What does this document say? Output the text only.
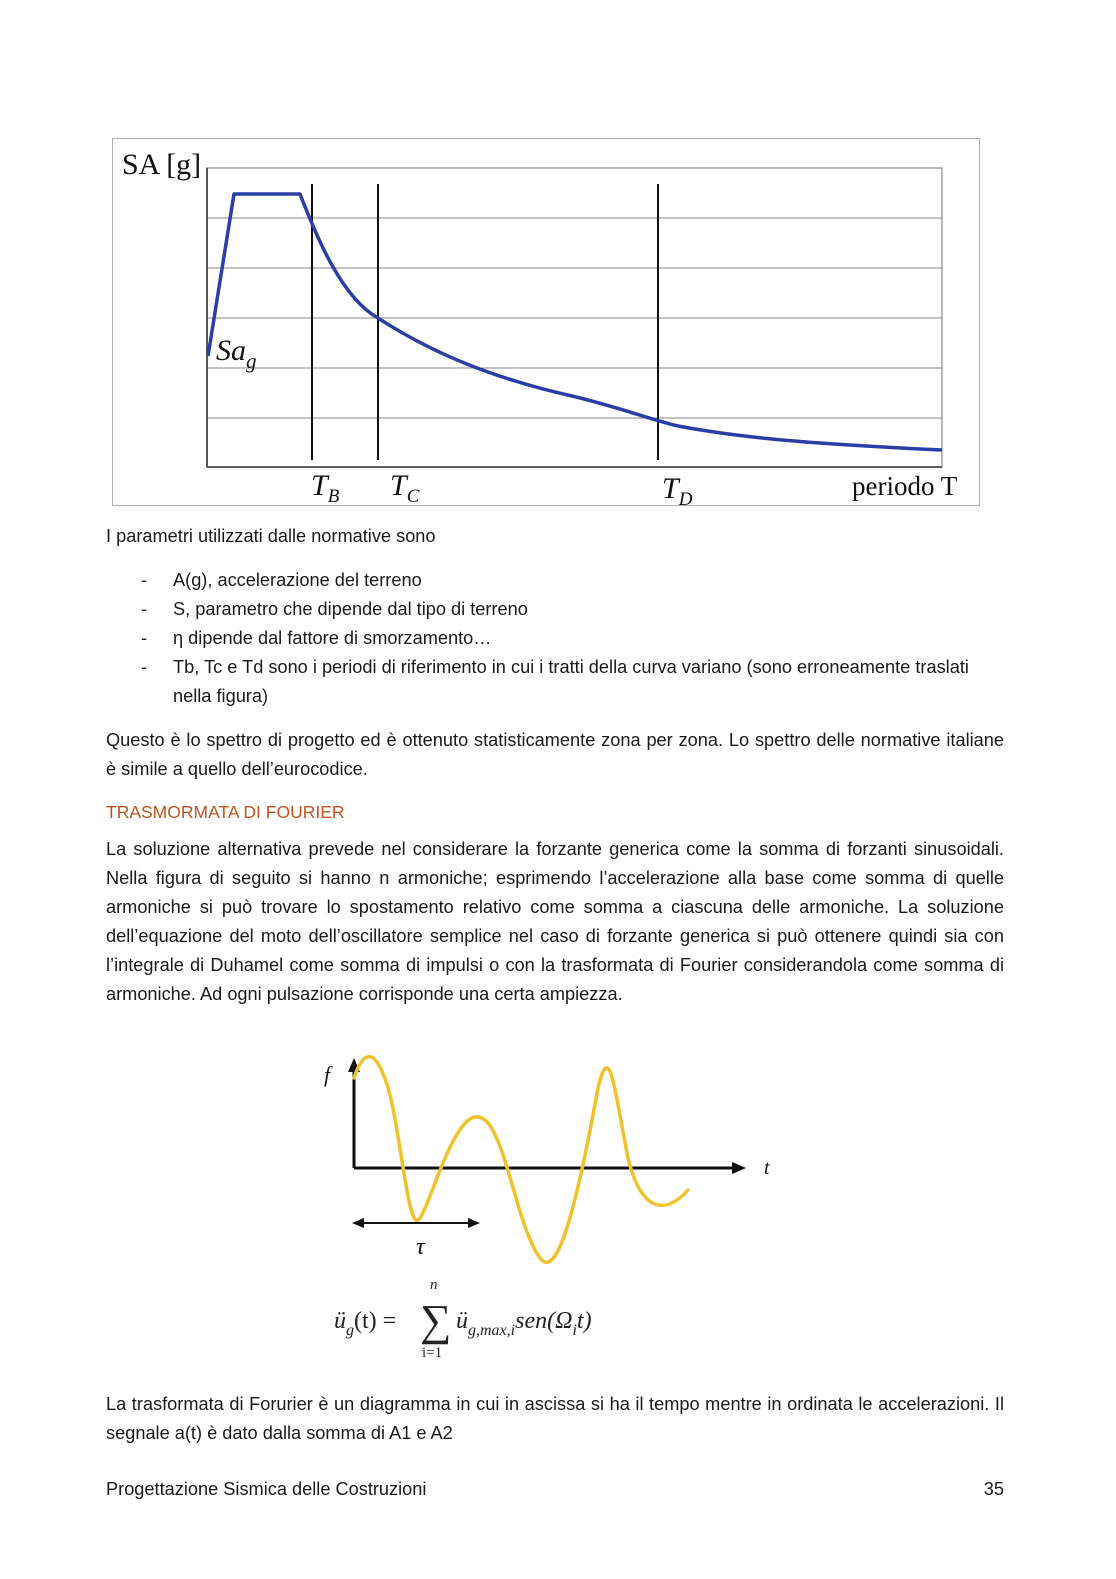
SA [g]
$Sa_g$
$T_B$ $T_C$	$T_D$	periodo T
I parametri utilizzati dalle normative sono
- A(g), accelerazione del terreno
- S, parametro che dipende dal tipo di terreno
- η dipende dal fattore di smorzamento…
- Tb, Tc e Td sono i periodi di riferimento in cui i tratti della curva variano (sono erroneamente traslati nella figura)
Questo è lo spettro di progetto ed è ottenuto statisticamente zona per zona. Lo spettro delle normative italiane è simile a quello dell’eurocodice.
TRASMORMATA DI FOURIER
La soluzione alternativa prevede nel considerare la forzante generica come la somma di forzanti sinusoidali. Nella figura di seguito si hanno n armoniche; esprimendo l’accelerazione alla base come somma di quelle armoniche si può trovare lo spostamento relativo come somma a ciascuna delle armoniche. La soluzione dell’equazione del moto dell’oscillatore semplice nel caso di forzante generica si può ottenere quindi sia con l’integrale di Duhamel come somma di impulsi o con la trasformata di Fourier considerandola come somma di armoniche. Ad ogni pulsazione corrisponde una certa ampiezza.
f
t
τ
$ü_g(t)$ = ∑
n
i=1
$ü_{g,max,i}sen(\Omega_it)$
La trasformata di Forurier è un diagramma in cui in ascissa si ha il tempo mentre in ordinata le accelerazioni. Il segnale a(t) è dato dalla somma di A1 e A2
Progettazione Sismica delle Costruzioni	35
